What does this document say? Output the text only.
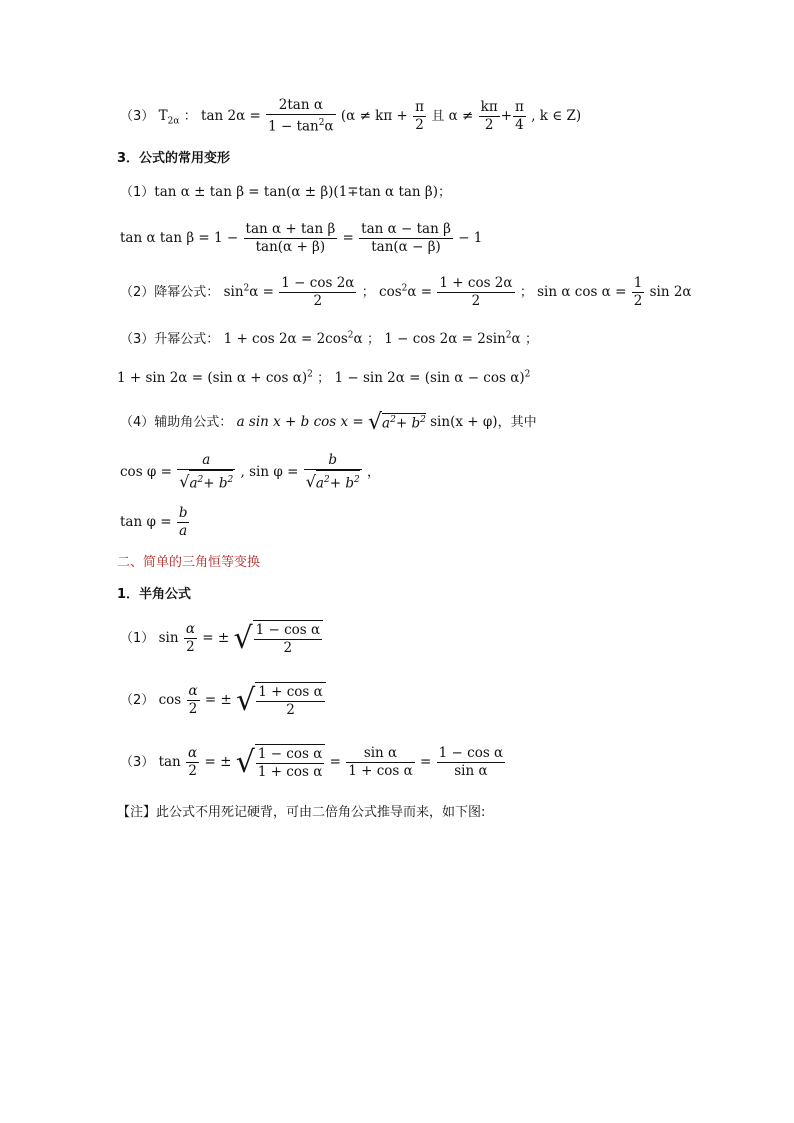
（3） $T_{2\alpha}$ ： $\tan 2\alpha = \frac{\text{2tan α}}{1 - \tan^2\alpha} (\alpha \ne k\pi + \frac{\pi}{2}$ 且 $\alpha \ne \frac{k\pi}{2} + \frac{\pi}{4}$ , k ∈ Z)
3．公式的常用变形
（1）tan α ± tan β = tan(α ± β)(1∓tan α tan β)；
tan α $\tan \beta = 1 - \frac{\text{tan α + tan β}}{\tan(\alpha + \beta)} = \frac{\text{tan α − tan β}}{\tan(\alpha - \beta)} - 1$
（2）降幂公式： $\sin^2\alpha = \frac{1 - \cos 2\alpha}{2}$ ； $\cos^2\alpha = \frac{1 + \cos 2\alpha}{2}$ ； sin α $\cos \alpha = \frac{1}{2}$ sin 2α
（3）升幂公式： $1 + \cos 2\alpha = 2\cos^2\alpha$ ； $1 - \cos 2\alpha = 2\sin^2\alpha$ ；
1 + sin 2α = (sin α + cos α)$^2$ ； 1 − sin 2α = (sin α − cos α)$^2$
（4）辅助角公式： a sin x + b $\cos x = √a^2+ b^2$ sin(x + φ)，其中
$\cos \varphi = \frac{a}{√a^2+ b^2}$ , $\sin \varphi = \frac{b}{√a^2+ b^2}$ ，
$\tan \varphi = \frac{b}{a}$
二、简单的三角恒等变换
1．半角公式
（1） $\sin \frac{\alpha}{2}$ = ± √ $\frac{\text{1 − cos α}}{2}$
（2） $\cos \frac{\alpha}{2}$ = ± √ $\frac{\text{1 + cos α}}{2}$
（3） $\tan \frac{\alpha}{2}$ = ± √ $\frac{\text{1 − cos α}}{\text{1 + cos α}} = \frac{\text{sin α}}{\text{1 + cos α}} = \frac{\text{1 − cos α}}{\text{sin α}}$
【注】此公式不用死记硬背，可由二倍角公式推导而来，如下图:
